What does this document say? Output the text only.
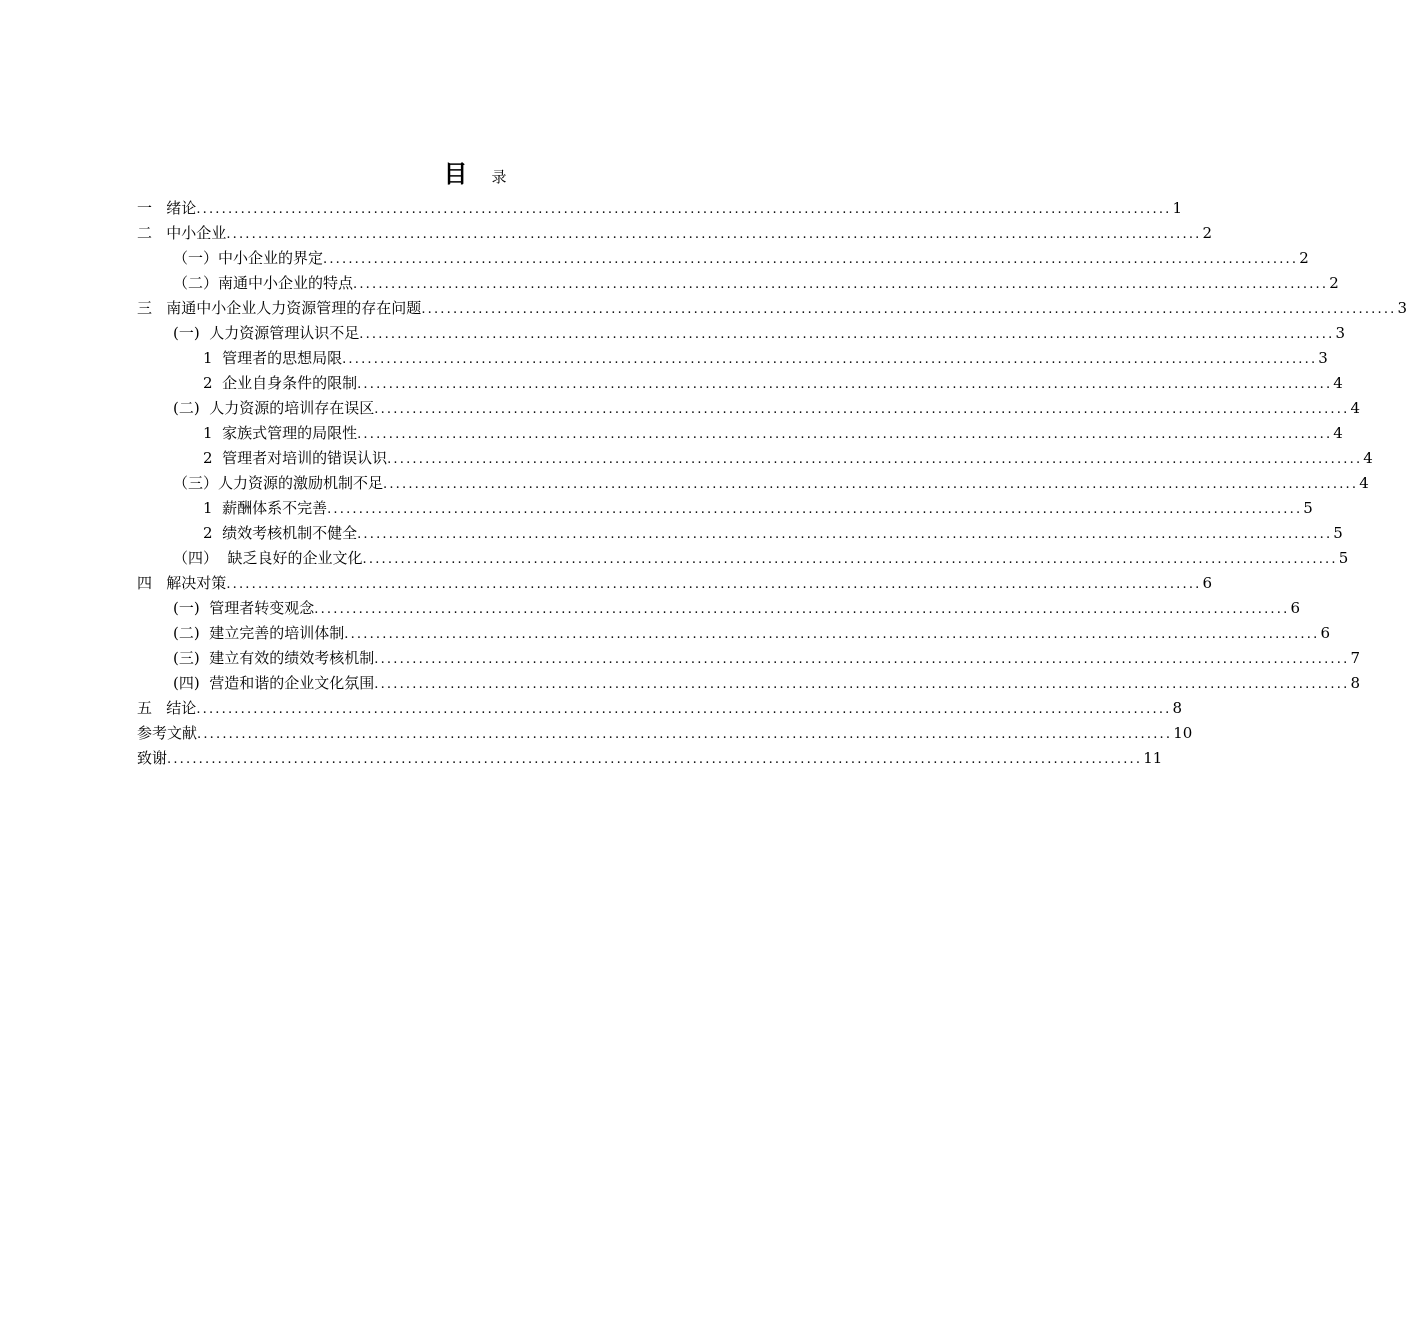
目 录
一   绪论 .......................................................................................................................................................... 1
二   中小企业 .......................................................................................................................................................... 2
（一）中小企业的界定 .......................................................................................................................................................... 2
（二）南通中小企业的特点 .......................................................................................................................................................... 2
三   南通中小企业人力资源管理的存在问题 .......................................................................................................................................................... 3
(一)  人力资源管理认识不足 .......................................................................................................................................................... 3
1  管理者的思想局限 .......................................................................................................................................................... 3
2  企业自身条件的限制 .......................................................................................................................................................... 4
(二)  人力资源的培训存在误区 .......................................................................................................................................................... 4
1  家族式管理的局限性 .......................................................................................................................................................... 4
2  管理者对培训的错误认识 .......................................................................................................................................................... 4
（三）人力资源的激励机制不足 .......................................................................................................................................................... 4
1  薪酬体系不完善 .......................................................................................................................................................... 5
2  绩效考核机制不健全 .......................................................................................................................................................... 5
（四）  缺乏良好的企业文化 .......................................................................................................................................................... 5
四   解决对策 .......................................................................................................................................................... 6
(一)  管理者转变观念 .......................................................................................................................................................... 6
(二)  建立完善的培训体制 .......................................................................................................................................................... 6
(三)  建立有效的绩效考核机制 .......................................................................................................................................................... 7
(四)  营造和谐的企业文化氛围 .......................................................................................................................................................... 8
五   结论 .......................................................................................................................................................... 8
参考文献 .......................................................................................................................................................... 10
致谢 .......................................................................................................................................................... 11
